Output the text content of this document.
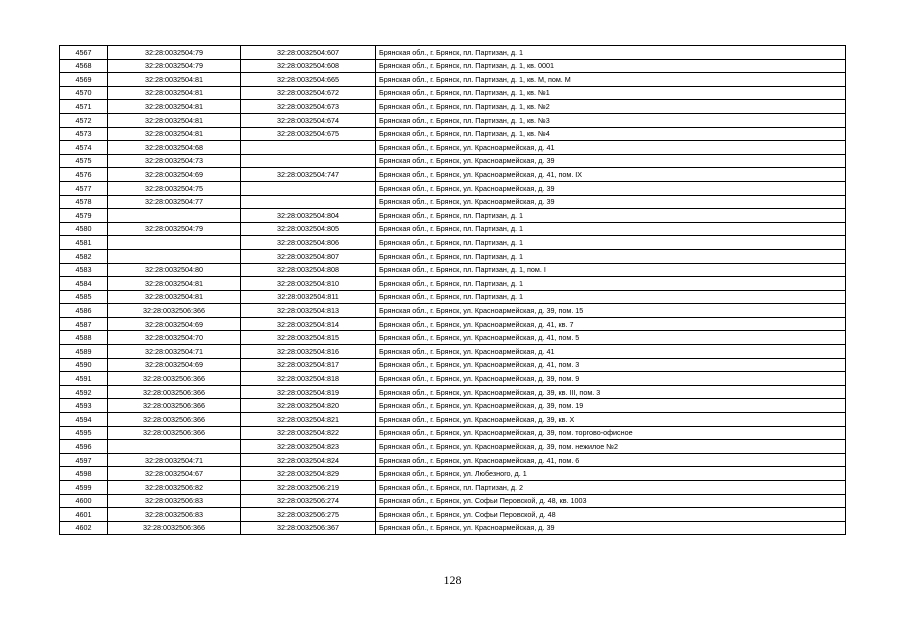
4567	32:28:0032504:79	32:28:0032504:607	Брянская обл., г. Брянск, пл. Партизан, д. 1
4568	32:28:0032504:79	32:28:0032504:608	Брянская обл., г. Брянск, пл. Партизан, д. 1, кв. 0001
4569	32:28:0032504:81	32:28:0032504:665	Брянская обл., г. Брянск, пл. Партизан, д. 1, кв. М, пом. М
4570	32:28:0032504:81	32:28:0032504:672	Брянская обл., г. Брянск, пл. Партизан, д. 1, кв. №1
4571	32:28:0032504:81	32:28:0032504:673	Брянская обл., г. Брянск, пл. Партизан, д. 1, кв. №2
4572	32:28:0032504:81	32:28:0032504:674	Брянская обл., г. Брянск, пл. Партизан, д. 1, кв. №3
4573	32:28:0032504:81	32:28:0032504:675	Брянская обл., г. Брянск, пл. Партизан, д. 1, кв. №4
4574	32:28:0032504:68		Брянская обл., г. Брянск, ул. Красноармейская, д. 41
4575	32:28:0032504:73		Брянская обл., г. Брянск, ул. Красноармейская, д. 39
4576	32:28:0032504:69	32:28:0032504:747	Брянская обл., г. Брянск, ул. Красноармейская, д. 41, пом. IX
4577	32:28:0032504:75		Брянская обл., г. Брянск, ул. Красноармейская, д. 39
4578	32:28:0032504:77		Брянская обл., г. Брянск, ул. Красноармейская, д. 39
4579		32:28:0032504:804	Брянская обл., г. Брянск, пл. Партизан, д. 1
4580	32:28:0032504:79	32:28:0032504:805	Брянская обл., г. Брянск, пл. Партизан, д. 1
4581		32:28:0032504:806	Брянская обл., г. Брянск, пл. Партизан, д. 1
4582		32:28:0032504:807	Брянская обл., г. Брянск, пл. Партизан, д. 1
4583	32:28:0032504:80	32:28:0032504:808	Брянская обл., г. Брянск, пл. Партизан, д. 1, пом. I
4584	32:28:0032504:81	32:28:0032504:810	Брянская обл., г. Брянск, пл. Партизан, д. 1
4585	32:28:0032504:81	32:28:0032504:811	Брянская обл., г. Брянск, пл. Партизан, д. 1
4586	32:28:0032506:366	32:28:0032504:813	Брянская обл., г. Брянск, ул. Красноармейская, д. 39, пом. 15
4587	32:28:0032504:69	32:28:0032504:814	Брянская обл., г. Брянск, ул. Красноармейская, д. 41, кв. 7
4588	32:28:0032504:70	32:28:0032504:815	Брянская обл., г. Брянск, ул. Красноармейская, д. 41, пом. 5
4589	32:28:0032504:71	32:28:0032504:816	Брянская обл., г. Брянск, ул. Красноармейская, д. 41
4590	32:28:0032504:69	32:28:0032504:817	Брянская обл., г. Брянск, ул. Красноармейская, д. 41, пом. 3
4591	32:28:0032506:366	32:28:0032504:818	Брянская обл., г. Брянск, ул. Красноармейская, д. 39, пом. 9
4592	32:28:0032506:366	32:28:0032504:819	Брянская обл., г. Брянск, ул. Красноармейская, д. 39, кв. III, пом. 3
4593	32:28:0032506:366	32:28:0032504:820	Брянская обл., г. Брянск, ул. Красноармейская, д. 39, пом. 19
4594	32:28:0032506:366	32:28:0032504:821	Брянская обл., г. Брянск, ул. Красноармейская, д. 39, кв. X
4595	32:28:0032506:366	32:28:0032504:822	Брянская обл., г. Брянск, ул. Красноармейская, д. 39, пом. торгово-офисное
4596		32:28:0032504:823	Брянская обл., г. Брянск, ул. Красноармейская, д. 39, пом. нежилое №2
4597	32:28:0032504:71	32:28:0032504:824	Брянская обл., г. Брянск, ул. Красноармейская, д. 41, пом. 6
4598	32:28:0032504:67	32:28:0032504:829	Брянская обл., г. Брянск, ул. Любезного, д. 1
4599	32:28:0032506:82	32:28:0032506:219	Брянская обл., г. Брянск, пл. Партизан, д. 2
4600	32:28:0032506:83	32:28:0032506:274	Брянская обл., г. Брянск, ул. Софьи Перовской, д. 48, кв. 1003
4601	32:28:0032506:83	32:28:0032506:275	Брянская обл., г. Брянск, ул. Софьи Перовской, д. 48
4602	32:28:0032506:366	32:28:0032506:367	Брянская обл., г. Брянск, ул. Красноармейская, д. 39
128
